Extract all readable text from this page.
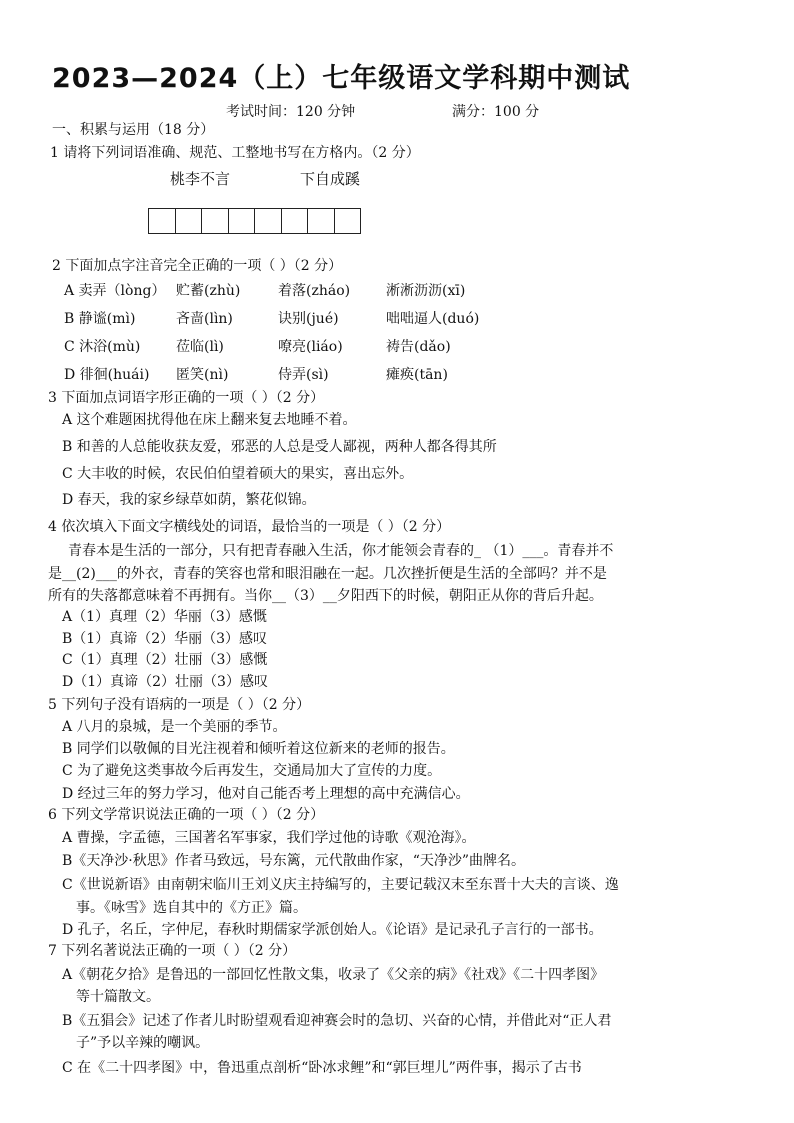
2023—2024（上）七年级语文学科期中测试
考试时间：120 分钟	满分：100 分
一、积累与运用（18 分）
1 请将下列词语准确、规范、工整地书写在方格内。（2 分）
桃李不言	下自成蹊
2 下面加点字注音完全正确的一项（ ）（2 分）
A 卖弄（lòng） 贮蓄(zhù)	着落(zháo)	淅淅沥沥(xī)
B 静谧(mì)	吝啬(lìn)	诀别(jué)	咄咄逼人(duó)
C 沐浴(mù)	莅临(lì)	嘹亮(liáo)	祷告(dǎo)
D 徘徊(huái) 匿笑(nì)	侍弄(sì)	瘫痪(tān)
3 下面加点词语字形正确的一项（ ）（2 分）
A 这个难题困扰得他在床上翻来复去地睡不着。
B 和善的人总能收获友爱，邪恶的人总是受人鄙视，两种人都各得其所
C 大丰收的时候，农民伯伯望着硕大的果实，喜出忘外。
D 春天，我的家乡绿草如荫，繁花似锦。
4 依次填入下面文字横线处的词语，最恰当的一项是（ ）（2 分）
青春本是生活的一部分，只有把青春融入生活，你才能领会青春的_ （1）___。青春并不
是__(2)___的外衣，青春的笑容也常和眼泪融在一起。几次挫折便是生活的全部吗？并不是
所有的失落都意味着不再拥有。当你__（3）__夕阳西下的时候，朝阳正从你的背后升起。
A（1）真理（2）华丽（3）感慨
B（1）真谛（2）华丽（3）感叹
C（1）真理（2）壮丽（3）感慨
D（1）真谛（2）壮丽（3）感叹
5 下列句子没有语病的一项是（ ）（2 分）
A 八月的泉城，是一个美丽的季节。
B 同学们以敬佩的目光注视着和倾听着这位新来的老师的报告。
C 为了避免这类事故今后再发生，交通局加大了宣传的力度。
D 经过三年的努力学习，他对自己能否考上理想的高中充满信心。
6 下列文学常识说法正确的一项（ ）（2 分）
A 曹操，字孟德，三国著名军事家，我们学过他的诗歌《观沧海》。
B《天净沙·秋思》作者马致远，号东篱，元代散曲作家，“天净沙”曲牌名。
C《世说新语》由南朝宋临川王刘义庆主持编写的，主要记载汉末至东晋十大夫的言谈、逸
事。《咏雪》选自其中的《方正》篇。
D 孔子，名丘，字仲尼，春秋时期儒家学派创始人。《论语》是记录孔子言行的一部书。
7 下列名著说法正确的一项（ ）（2 分）
A《朝花夕拾》是鲁迅的一部回忆性散文集，收录了《父亲的病》《社戏》《二十四孝图》
等十篇散文。
B《五猖会》记述了作者儿时盼望观看迎神赛会时的急切、兴奋的心情，并借此对“正人君
子”予以辛辣的嘲讽。
C 在《二十四孝图》中，鲁迅重点剖析“卧冰求鲤”和“郭巨埋儿”两件事，揭示了古书
